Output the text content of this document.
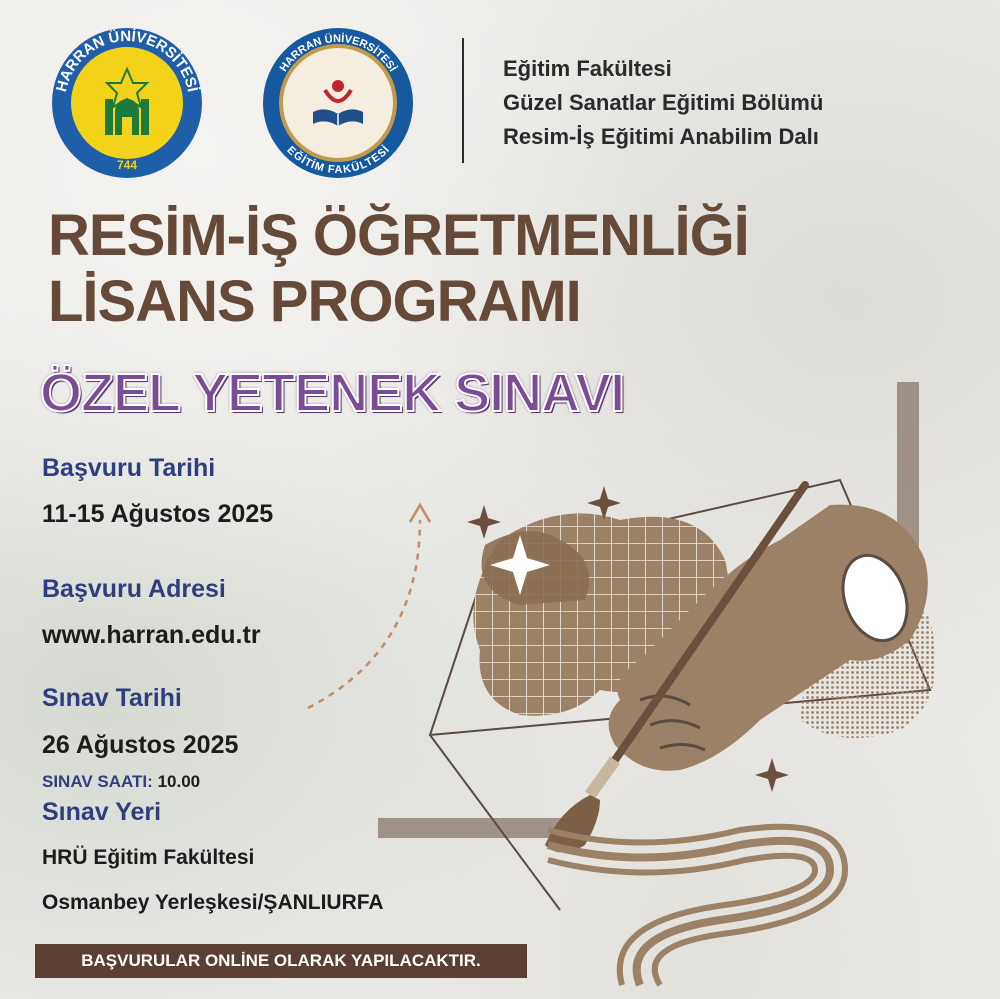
HARRAN ÜNİVERSİTESİ
744
HARRAN ÜNİVERSİTESİ
EĞİTİM FAKÜLTESİ
Eğitim Fakültesi
Güzel Sanatlar Eğitimi Bölümü
Resim-İş Eğitimi Anabilim Dalı
RESİM-İŞ ÖĞRETMENLİĞİ
LİSANS PROGRAMI
ÖZEL YETENEK SINAVI
Başvuru Tarihi
11-15 Ağustos 2025
Başvuru Adresi
www.harran.edu.tr
Sınav Tarihi
26 Ağustos 2025
SINAV SAATI: 10.00
Sınav Yeri
HRÜ Eğitim Fakültesi
Osmanbey Yerleşkesi/ŞANLIURFA
BAŞVURULAR ONLİNE OLARAK YAPILACAKTIR.
